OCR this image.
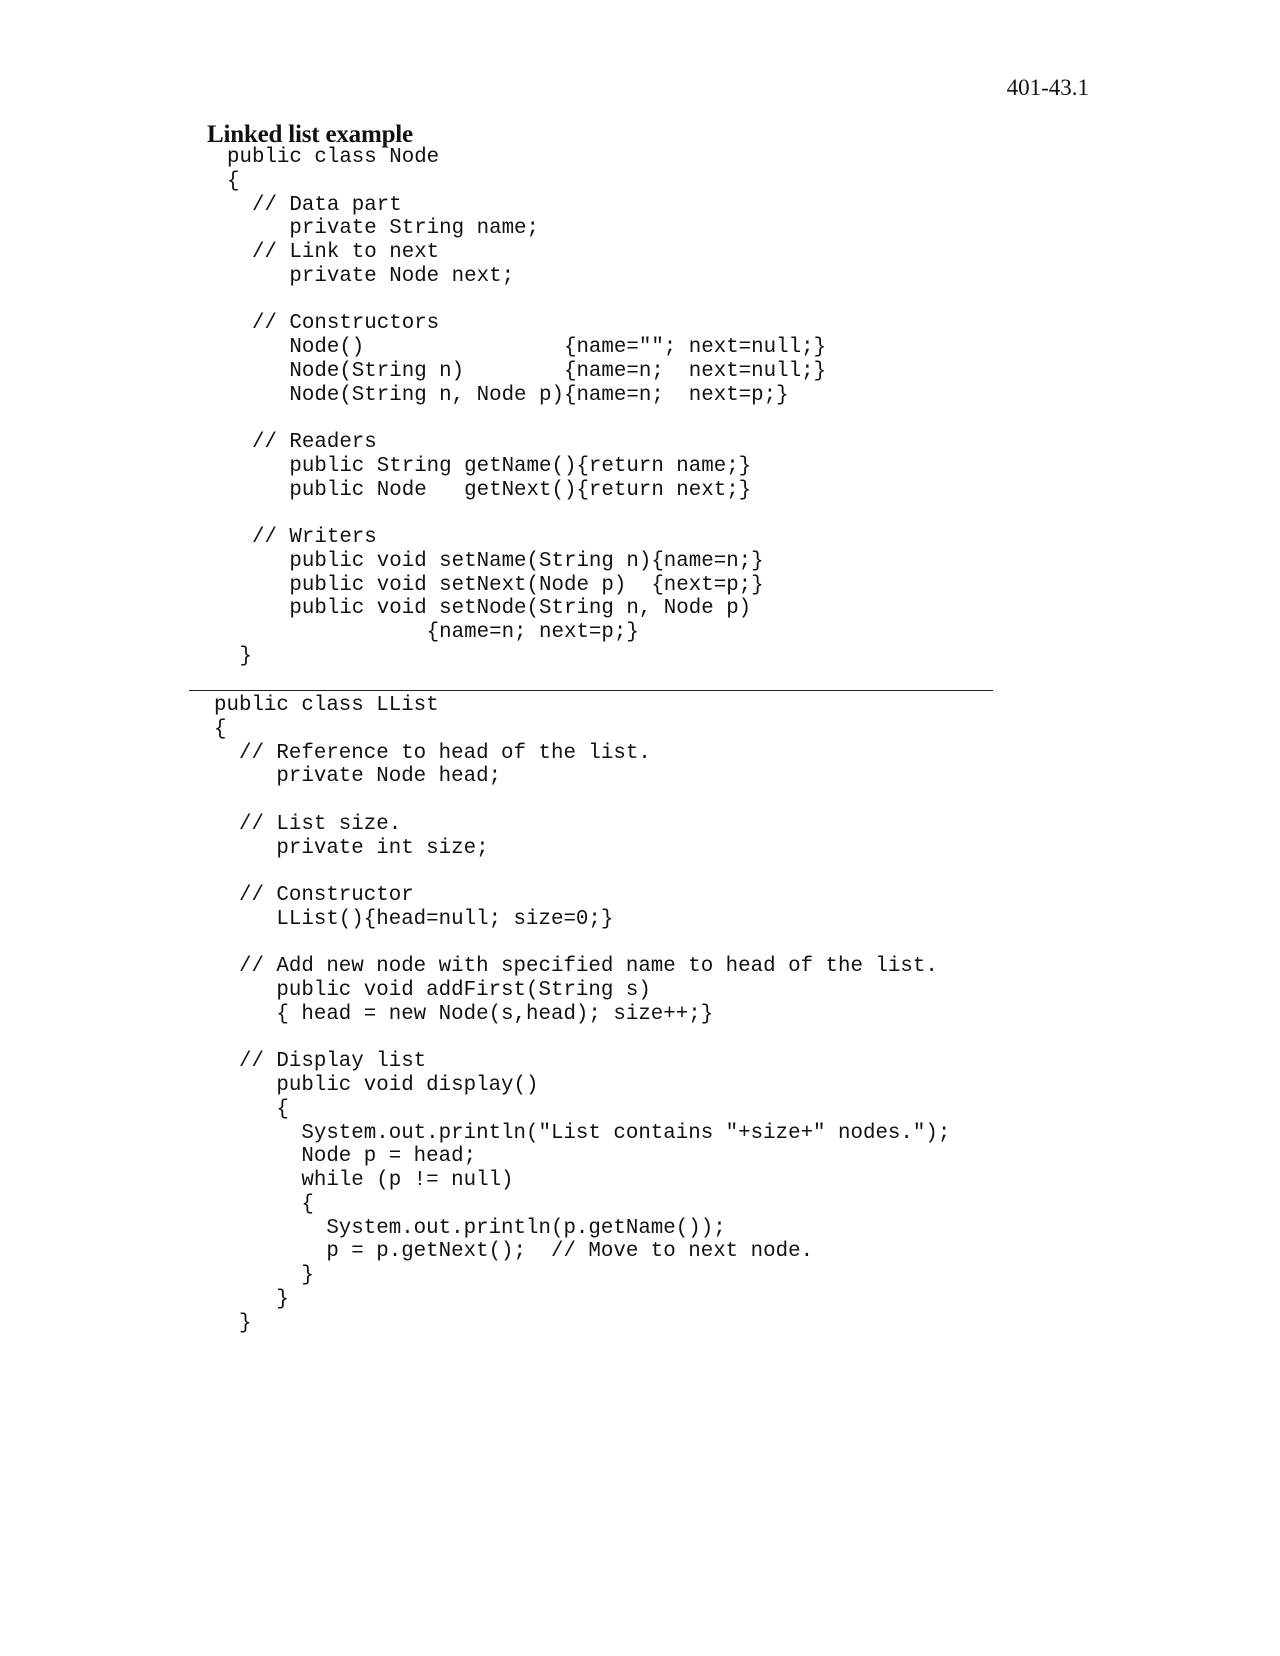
401-43.1
Linked list example
public class Node
{
// Data part
private String name;
// Link to next
private Node next;
// Constructors
Node()                {name=""; next=null;}
Node(String n)        {name=n;  next=null;}
Node(String n, Node p){name=n;  next=p;}
// Readers
public String getName(){return name;}
public Node   getNext(){return next;}
// Writers
public void setName(String n){name=n;}
public void setNext(Node p)  {next=p;}
public void setNode(String n, Node p)
{name=n; next=p;}
}
public class LList
{
// Reference to head of the list.
private Node head;
// List size.
private int size;
// Constructor
LList(){head=null; size=0;}
// Add new node with specified name to head of the list.
public void addFirst(String s)
{ head = new Node(s,head); size++;}
// Display list
public void display()
{
System.out.println("List contains "+size+" nodes.");
Node p = head;
while (p != null)
{
System.out.println(p.getName());
p = p.getNext();  // Move to next node.
}
}
}
